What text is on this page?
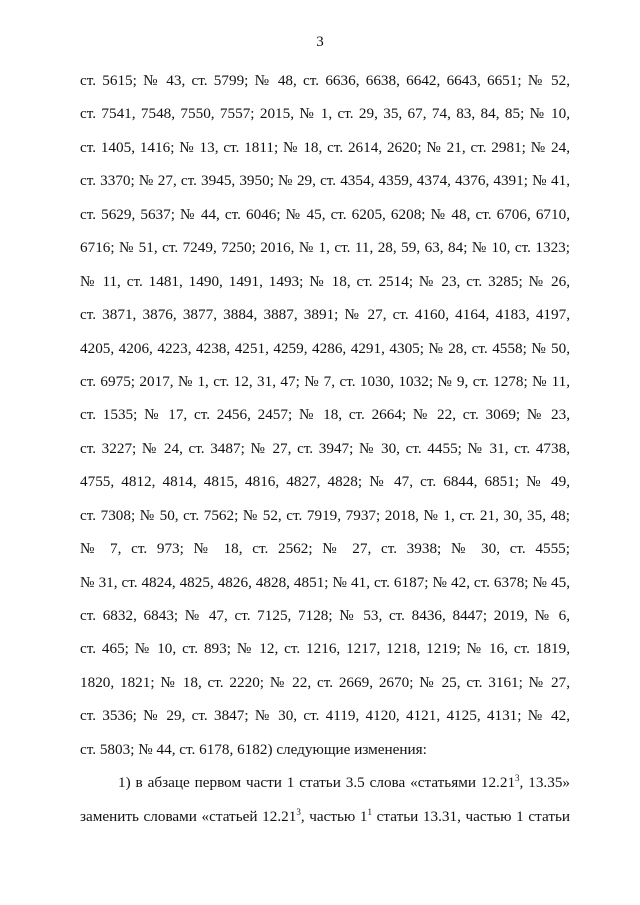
3
ст. 5615; № 43, ст. 5799; № 48, ст. 6636, 6638, 6642, 6643, 6651; № 52,
ст. 7541, 7548, 7550, 7557; 2015, № 1, ст. 29, 35, 67, 74, 83, 84, 85; № 10,
ст. 1405, 1416; № 13, ст. 1811; № 18, ст. 2614, 2620; № 21, ст. 2981; № 24,
ст. 3370; № 27, ст. 3945, 3950; № 29, ст. 4354, 4359, 4374, 4376, 4391; № 41,
ст. 5629, 5637; № 44, ст. 6046; № 45, ст. 6205, 6208; № 48, ст. 6706, 6710,
6716; № 51, ст. 7249, 7250; 2016, № 1, ст. 11, 28, 59, 63, 84; № 10, ст. 1323;
№ 11, ст. 1481, 1490, 1491, 1493; № 18, ст. 2514; № 23, ст. 3285; № 26,
ст. 3871, 3876, 3877, 3884, 3887, 3891; № 27, ст. 4160, 4164, 4183, 4197,
4205, 4206, 4223, 4238, 4251, 4259, 4286, 4291, 4305; № 28, ст. 4558; № 50,
ст. 6975; 2017, № 1, ст. 12, 31, 47; № 7, ст. 1030, 1032; № 9, ст. 1278; № 11,
ст. 1535; № 17, ст. 2456, 2457; № 18, ст. 2664; № 22, ст. 3069; № 23,
ст. 3227; № 24, ст. 3487; № 27, ст. 3947; № 30, ст. 4455; № 31, ст. 4738,
4755, 4812, 4814, 4815, 4816, 4827, 4828; № 47, ст. 6844, 6851; № 49,
ст. 7308; № 50, ст. 7562; № 52, ст. 7919, 7937; 2018, № 1, ст. 21, 30, 35, 48;
№ 7, ст. 973; № 18, ст. 2562; № 27, ст. 3938; № 30, ст. 4555;
№ 31, ст. 4824, 4825, 4826, 4828, 4851; № 41, ст. 6187; № 42, ст. 6378; № 45,
ст. 6832, 6843; № 47, ст. 7125, 7128; № 53, ст. 8436, 8447; 2019, № 6,
ст. 465; № 10, ст. 893; № 12, ст. 1216, 1217, 1218, 1219; № 16, ст. 1819,
1820, 1821; № 18, ст. 2220; № 22, ст. 2669, 2670; № 25, ст. 3161; № 27,
ст. 3536; № 29, ст. 3847; № 30, ст. 4119, 4120, 4121, 4125, 4131; № 42,
ст. 5803; № 44, ст. 6178, 6182) следующие изменения:
1) в абзаце первом части 1 статьи 3.5 слова «статьями 12.21$^3$, 13.35»
заменить словами «статьей 12.21$^3$, частью $1^1$ статьи 13.31, частью 1 статьи
